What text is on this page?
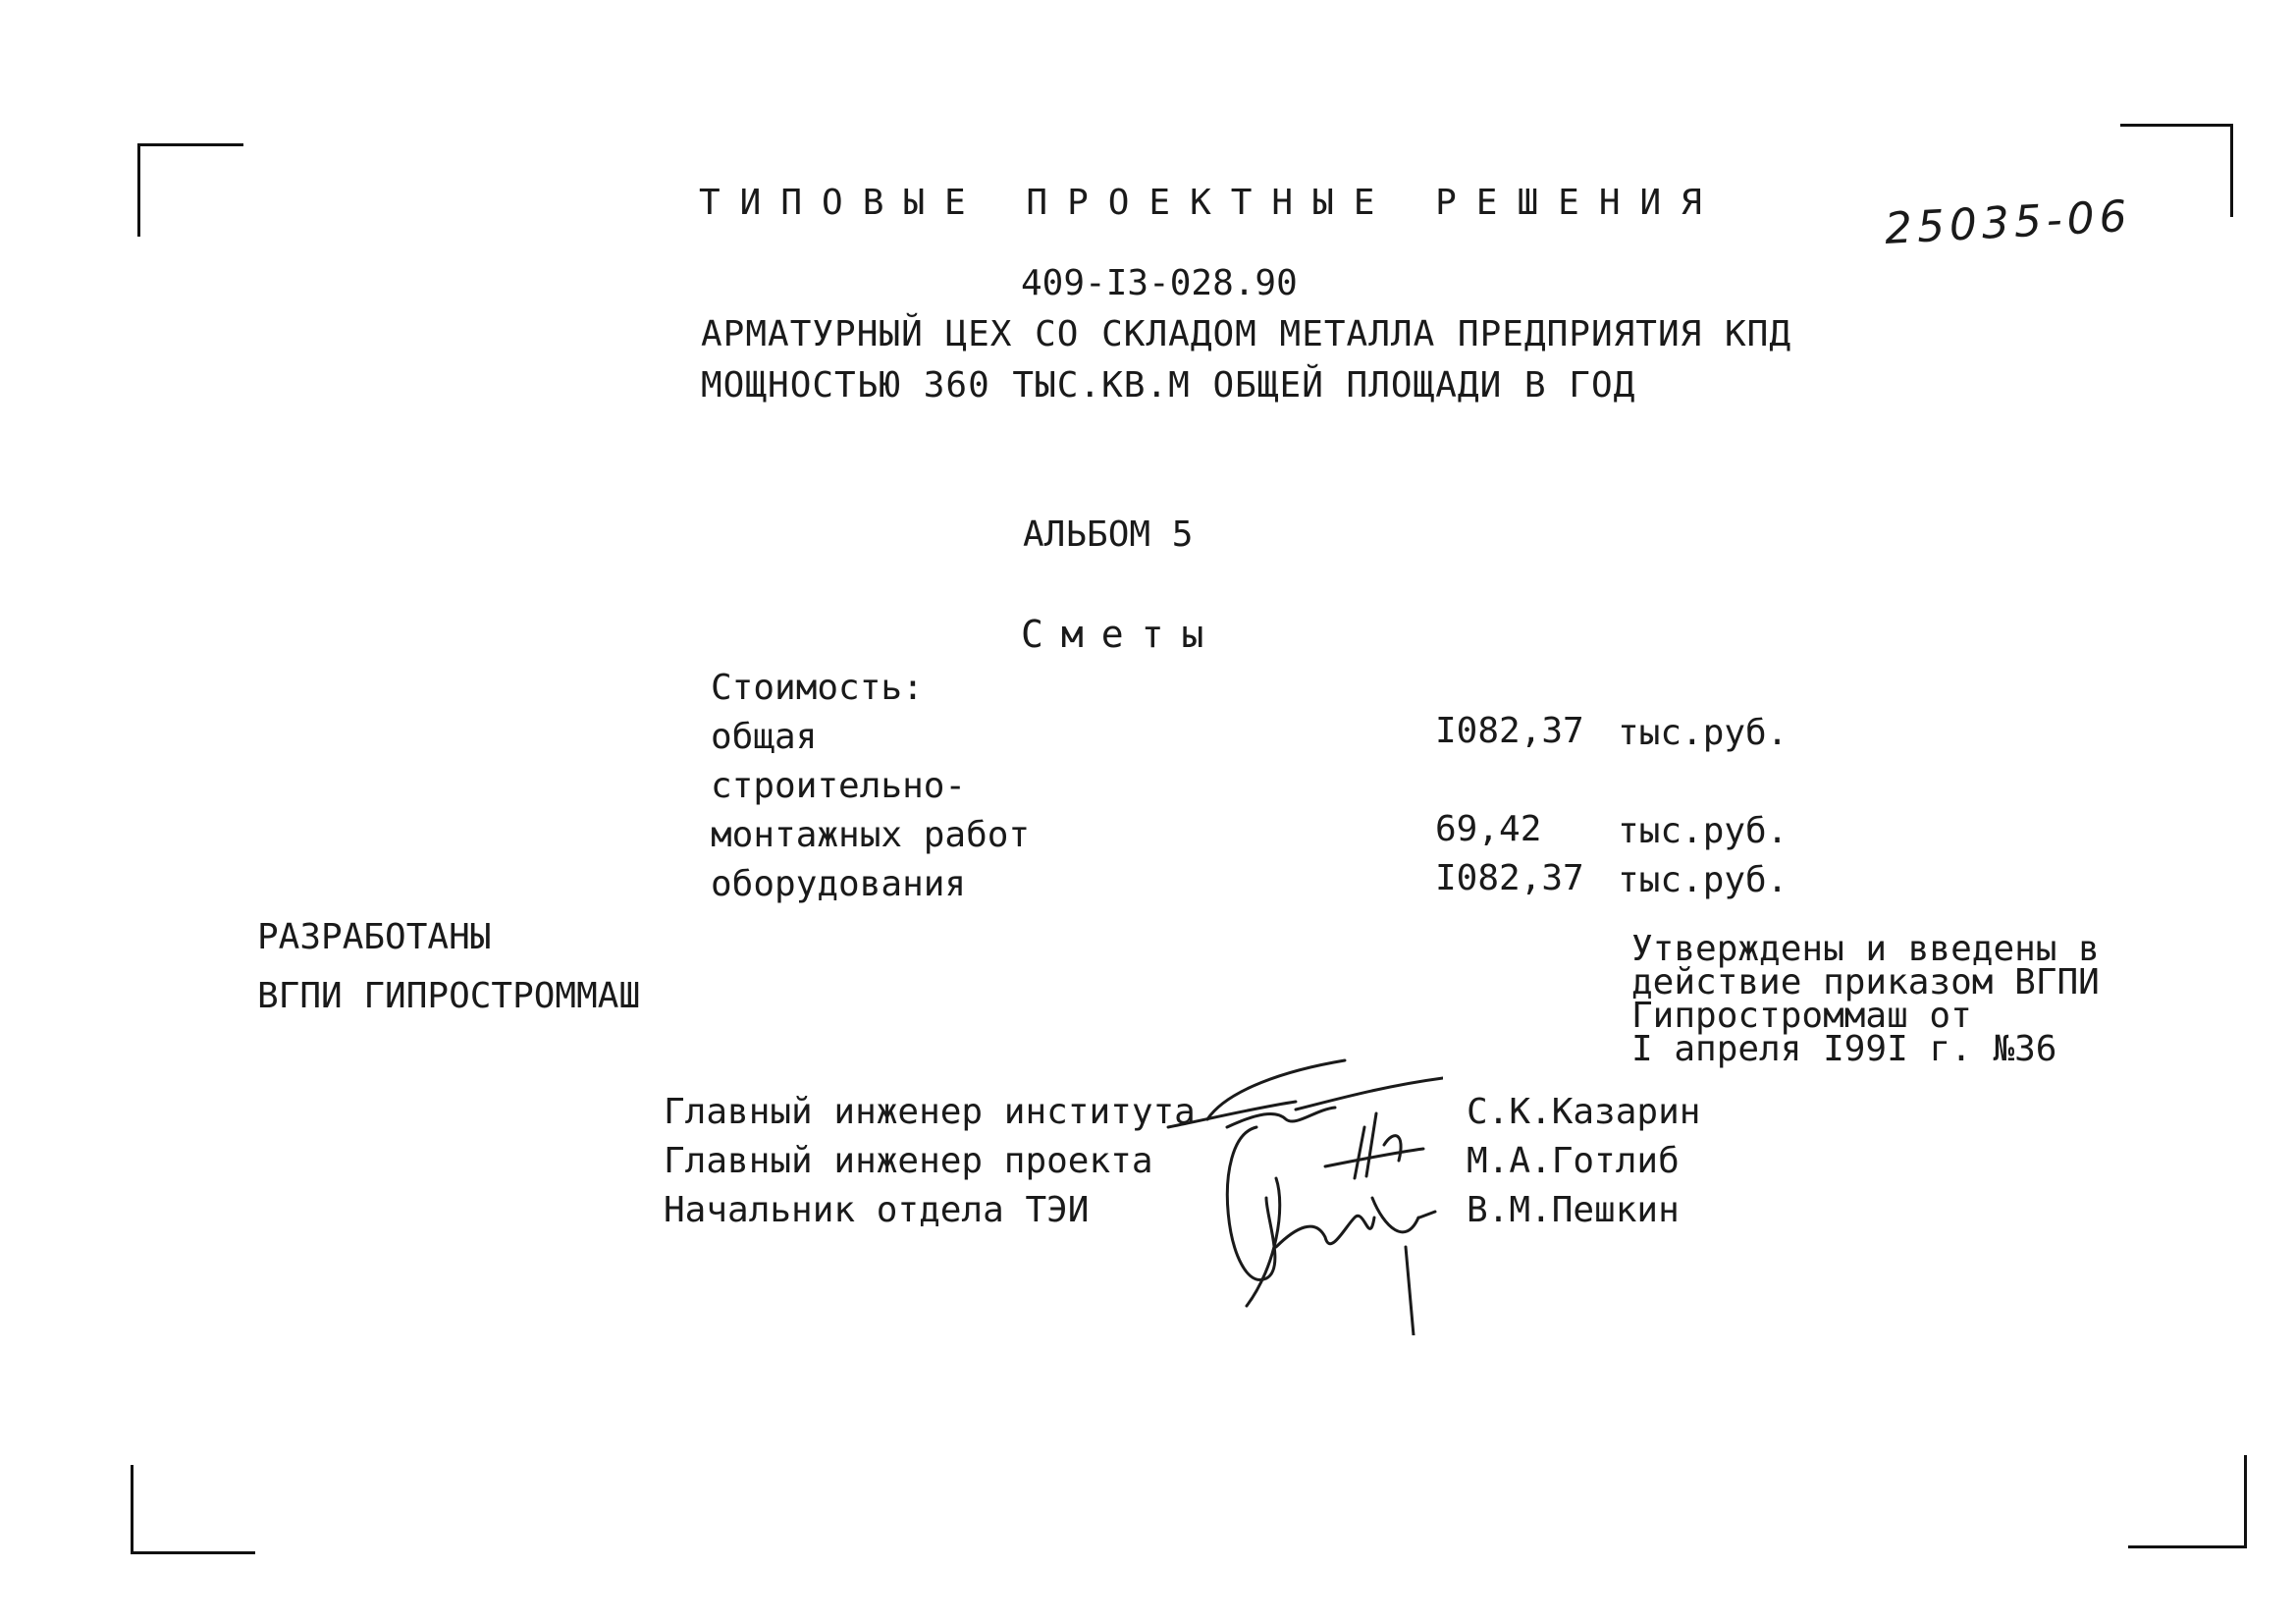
25035-06
ТИПОВЫЕ ПРОЕКТНЫЕ РЕШЕНИЯ
409-I3-028.90
АРМАТУРНЫЙ ЦЕХ СО СКЛАДОМ МЕТАЛЛА ПРЕДПРИЯТИЯ КПД
МОЩНОСТЬЮ 360 ТЫС.КВ.М ОБЩЕЙ ПЛОЩАДИ В ГОД
АЛЬБОМ 5
Сметы
Стоимость:
общая	I082,37 тыс.руб.
строительно-
монтажных работ	69,42 тыс.руб.
оборудования	I082,37 тыс.руб.
РАЗРАБОТАНЫ
ВГПИ ГИПРОСТРОММАШ
Утверждены и введены в
действие приказом ВГПИ
Гипростроммаш от
I апреля I99I г. №36
Главный инженер института	С.К.Казарин
Главный инженер проекта	М.А.Готлиб
Начальник отдела ТЭИ	В.М.Пешкин
